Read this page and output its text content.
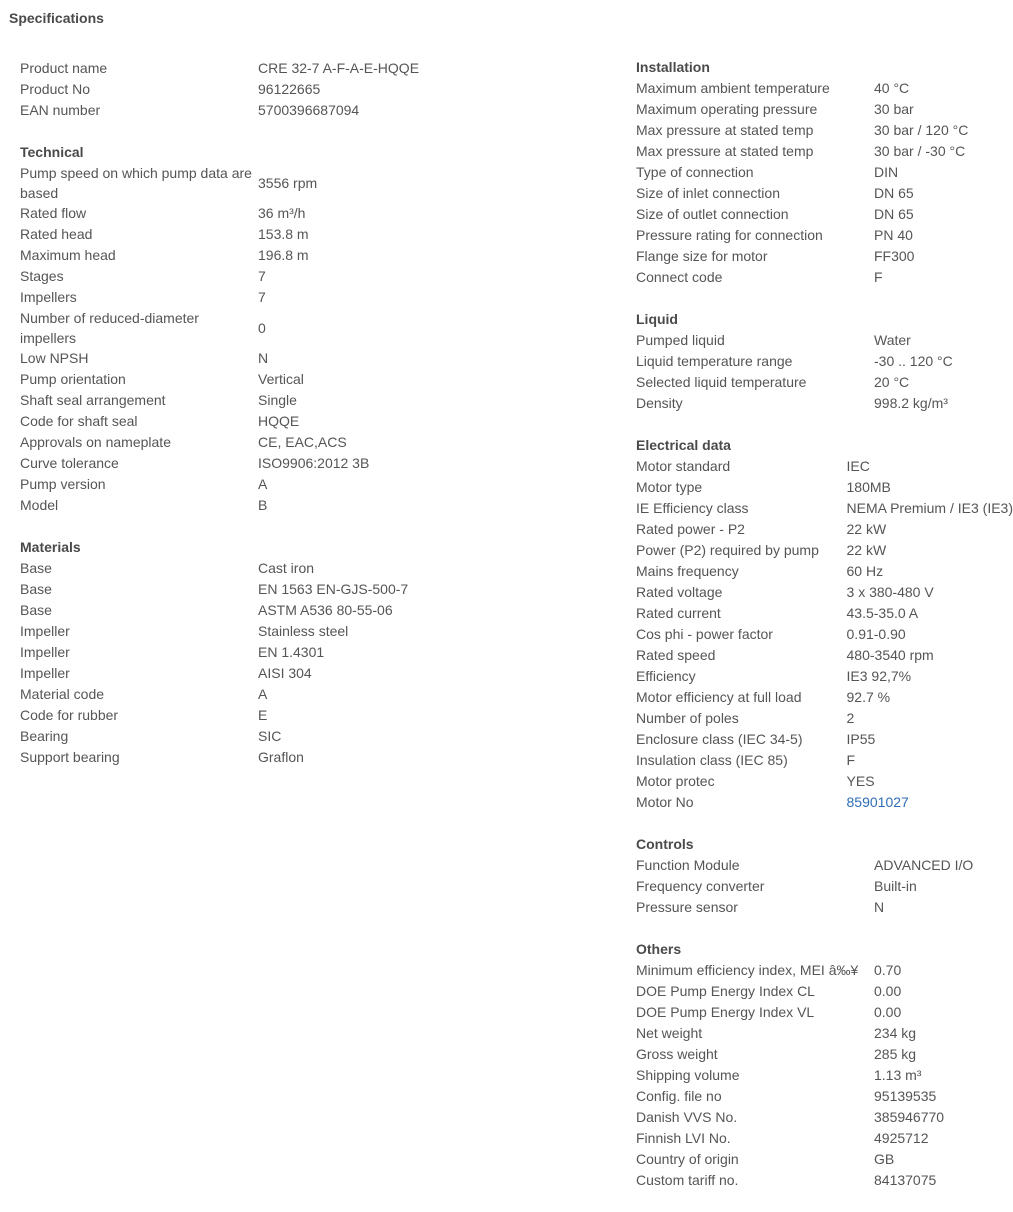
Specifications
Product name	CRE 32-7 A-F-A-E-HQQE
Product No	96122665
EAN number	5700396687094
Technical
Pump speed on which pump data are based	3556 rpm
Rated flow	36 m³/h
Rated head	153.8 m
Maximum head	196.8 m
Stages	7
Impellers	7
Number of reduced-diameter impellers	0
Low NPSH	N
Pump orientation	Vertical
Shaft seal arrangement	Single
Code for shaft seal	HQQE
Approvals on nameplate	CE, EAC,ACS
Curve tolerance	ISO9906:2012 3B
Pump version	A
Model	B
Materials
Base	Cast iron
Base	EN 1563 EN-GJS-500-7
Base	ASTM A536 80-55-06
Impeller	Stainless steel
Impeller	EN 1.4301
Impeller	AISI 304
Material code	A
Code for rubber	E
Bearing	SIC
Support bearing	Graflon
Installation
Maximum ambient temperature	40 °C
Maximum operating pressure	30 bar
Max pressure at stated temp	30 bar / 120 °C
Max pressure at stated temp	30 bar / -30 °C
Type of connection	DIN
Size of inlet connection	DN 65
Size of outlet connection	DN 65
Pressure rating for connection	PN 40
Flange size for motor	FF300
Connect code	F
Liquid
Pumped liquid	Water
Liquid temperature range	-30 .. 120 °C
Selected liquid temperature	20 °C
Density	998.2 kg/m³
Electrical data
Motor standard	IEC
Motor type	180MB
IE Efficiency class	NEMA Premium / IE3 (IE3)
Rated power - P2	22 kW
Power (P2) required by pump	22 kW
Mains frequency	60 Hz
Rated voltage	3 x 380-480 V
Rated current	43.5-35.0 A
Cos phi - power factor	0.91-0.90
Rated speed	480-3540 rpm
Efficiency	IE3 92,7%
Motor efficiency at full load	92.7 %
Number of poles	2
Enclosure class (IEC 34-5)	IP55
Insulation class (IEC 85)	F
Motor protec	YES
Motor No	85901027
Controls
Function Module	ADVANCED I/O
Frequency converter	Built-in
Pressure sensor	N
Others
Minimum efficiency index, MEI â‰¥	0.70
DOE Pump Energy Index CL	0.00
DOE Pump Energy Index VL	0.00
Net weight	234 kg
Gross weight	285 kg
Shipping volume	1.13 m³
Config. file no	95139535
Danish VVS No.	385946770
Finnish LVI No.	4925712
Country of origin	GB
Custom tariff no.	84137075
